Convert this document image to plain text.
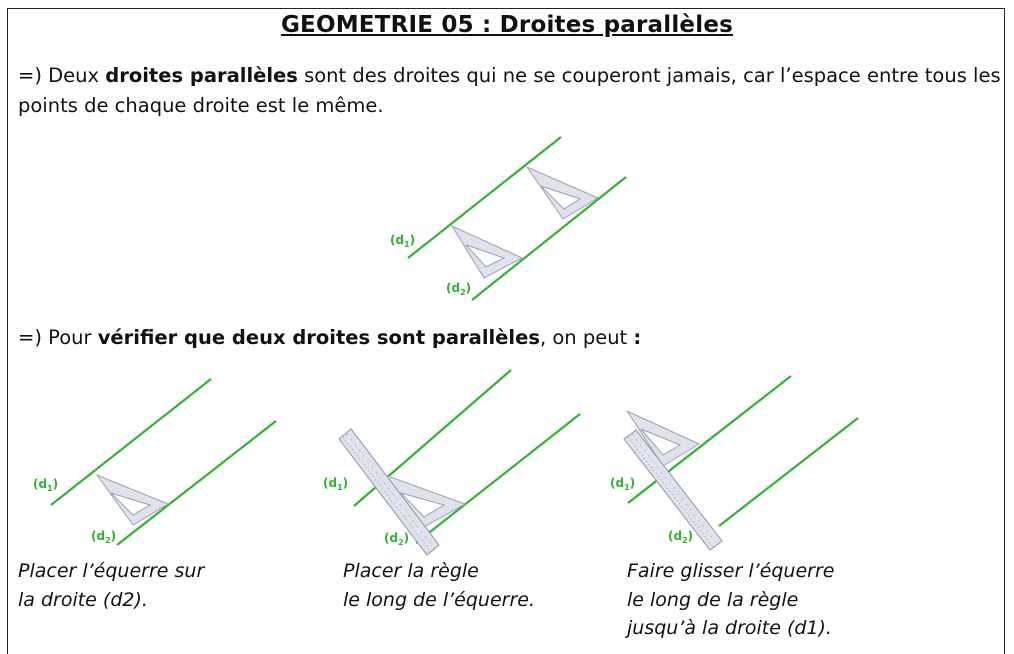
GEOMETRIE 05 : Droites parallèles
=) Deux droites parallèles sont des droites qui ne se couperont jamais, car l’espace entre tous les points de chaque droite est le même.
=) Pour vérifier que deux droites sont parallèles, on peut :
$(d_1)$
$(d_2)$
$(d_1)$
$(d_2)$
$(d_1)$
$(d_2)$
$(d_1)$
$(d_2)$
Placer l’équerre sur
la droite (d2).
Placer la règle
le long de l’équerre.
Faire glisser l’équerre
le long de la règle
jusqu’à la droite (d1).
